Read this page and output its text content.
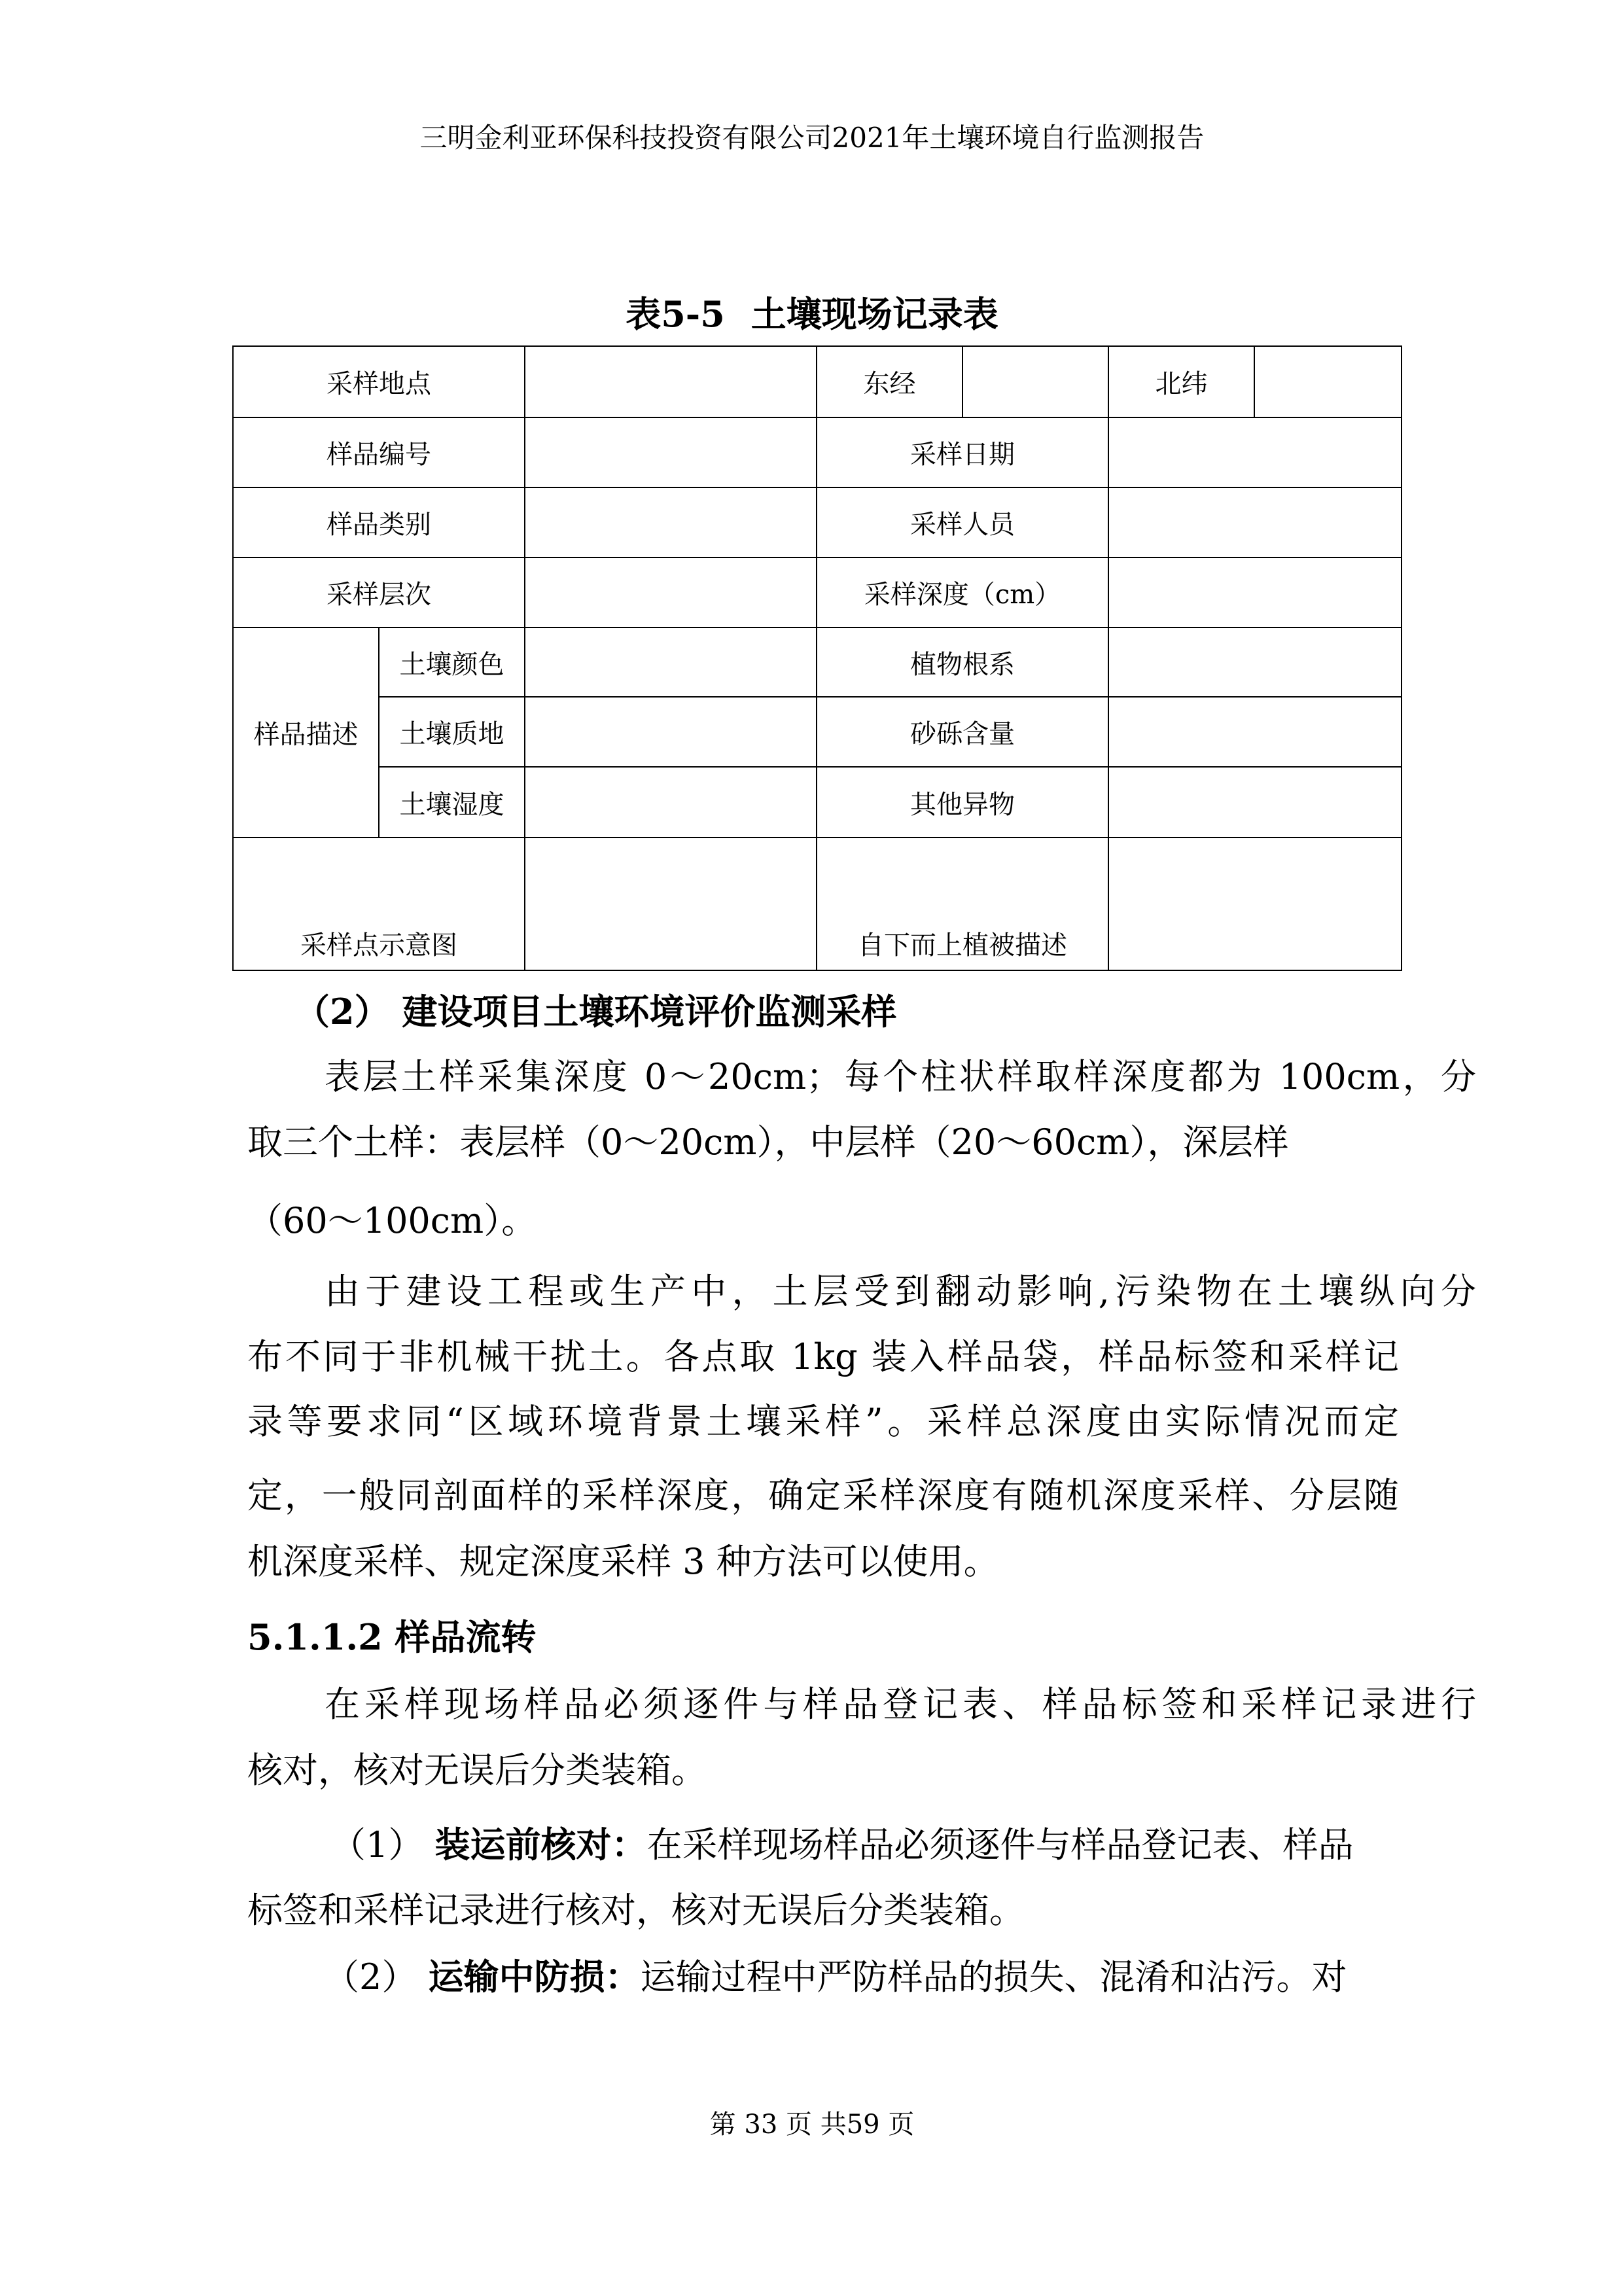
三明金利亚环保科技投资有限公司2021年土壤环境自行监测报告
表5-5 土壤现场记录表
采样地点			东经		北纬	
样品编号			采样日期			
样品类别			采样人员			
采样层次			采样深度（cm）			
样品描述	土壤颜色		植物根系			
	土壤质地		砂砾含量			
	土壤湿度		其他异物			
采样点示意图			自下而上植被描述			
（2） 建设项目土壤环境评价监测采样
表层土样采集深度 0～20cm；每个柱状样取样深度都为 100cm，分
取三个土样：表层样（0～20cm），中层样（20～60cm），深层样
（60～100cm）。
由于建设工程或生产中，土层受到翻动影响,污染物在土壤纵向分
布不同于非机械干扰土。各点取 1kg 装入样品袋，样品标签和采样记
录等要求同“区域环境背景土壤采样”。采样总深度由实际情况而定
定，一般同剖面样的采样深度，确定采样深度有随机深度采样、分层随
机深度采样、规定深度采样 3 种方法可以使用。
5.1.1.2 样品流转
在采样现场样品必须逐件与样品登记表、样品标签和采样记录进行
核对，核对无误后分类装箱。
（1） 装运前核对：在采样现场样品必须逐件与样品登记表、样品
标签和采样记录进行核对，核对无误后分类装箱。
（2） 运输中防损：运输过程中严防样品的损失、混淆和沾污。对
第 33 页 共59 页
